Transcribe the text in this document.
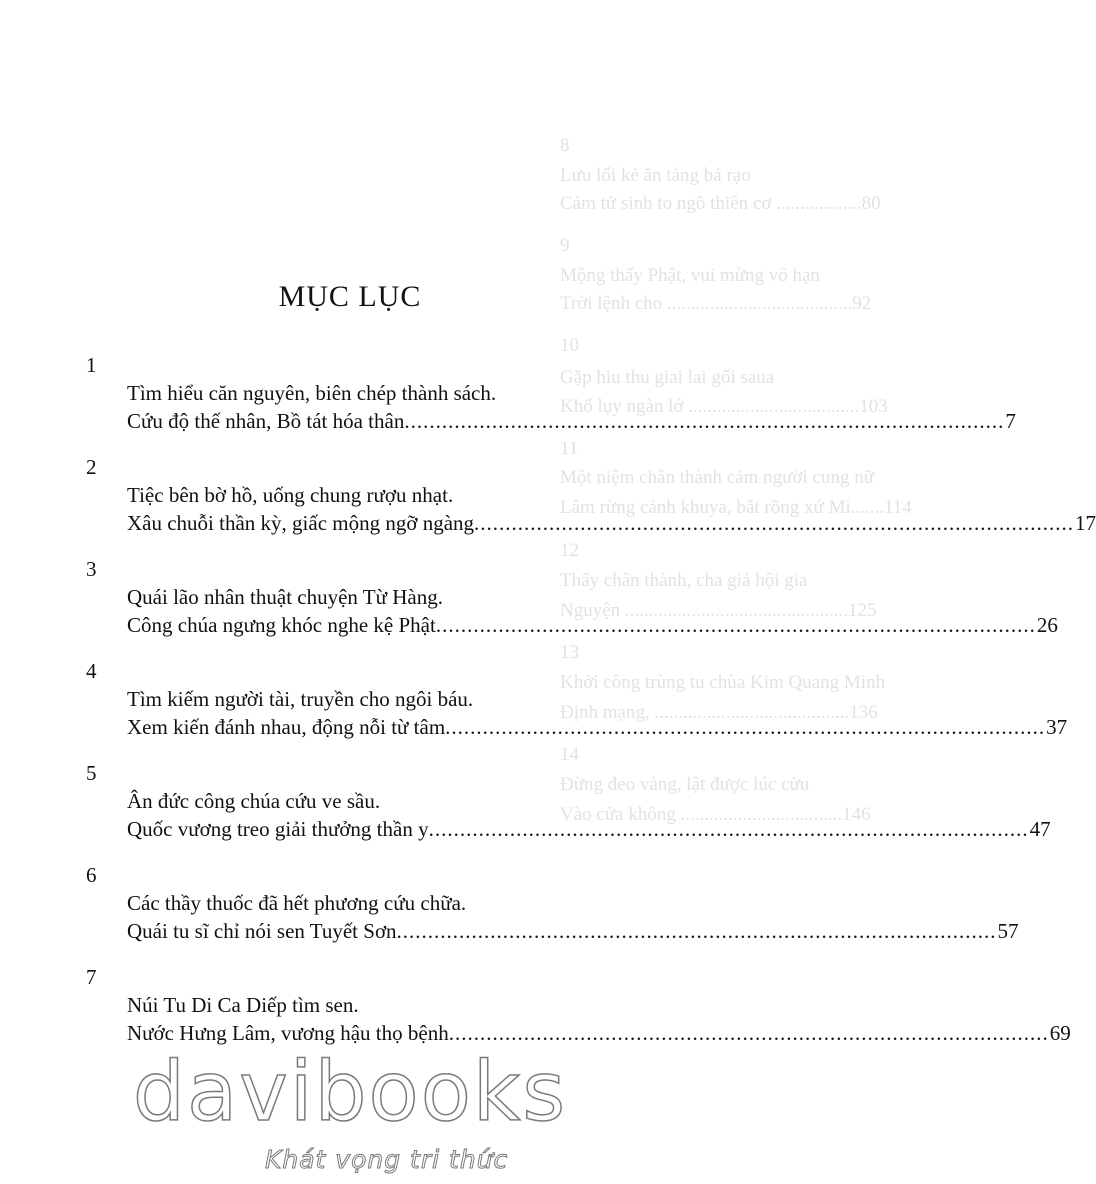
8
Lưu lối kẻ ăn tàng bả rạo
Cảm tử sinh to ngõ thiên cơ ..................80
9
Mộng thấy Phật, vui mừng vô hạn
Trời lệnh cho .......................................92
10
Gặp hiu thu giai lai gối saua
Khổ lụy ngàn lớ ....................................103
11
Một niệm chân thành cảm người cung nữ
Lâm rừng cảnh khuya, bắt rồng xứ Mi.......114
12
Thấy chân thành, cha giả hội gia
Nguyện ...............................................125
13
Khởi công trùng tu chùa Kim Quang Minh
Định mạng, .........................................136
14
Đừng đeo vàng, lật được lúc cửu
Vào cửa không ..................................146
MỤC LỤC
1
Tìm hiểu căn nguyên, biên chép thành sách.
Cứu độ thế nhân, Bồ tát hóa thân .....	7
2
Tiệc bên bờ hồ, uống chung rượu nhạt.
Xâu chuỗi thần kỳ, giấc mộng ngỡ ngàng .....	17
3
Quái lão nhân thuật chuyện Từ Hàng.
Công chúa ngưng khóc nghe kệ Phật .....	26
4
Tìm kiếm người tài, truyền cho ngôi báu.
Xem kiến đánh nhau, động nỗi từ tâm .....	37
5
Ân đức công chúa cứu ve sầu.
Quốc vương treo giải thưởng thần y .....	47
6
Các thầy thuốc đã hết phương cứu chữa.
Quái tu sĩ chỉ nói sen Tuyết Sơn .....	57
7
Núi Tu Di Ca Diếp tìm sen.
Nước Hưng Lâm, vương hậu thọ bệnh .....	69
davibooks
Khát vọng tri thức
